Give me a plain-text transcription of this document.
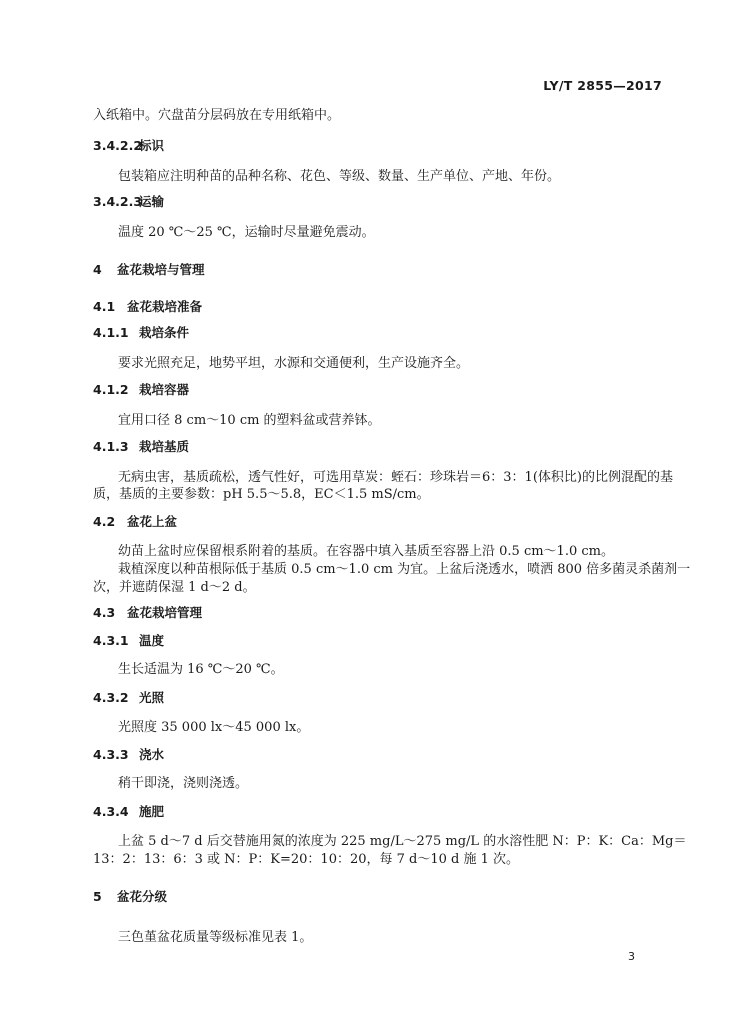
LY/T 2855—2017
入纸箱中。穴盘苗分层码放在专用纸箱中。
3.4.2.2标识
包装箱应注明种苗的品种名称、花色、等级、数量、生产单位、产地、年份。
3.4.2.3运输
温度 20 ℃～25 ℃，运输时尽量避免震动。
4 盆花栽培与管理
4.1 盆花栽培准备
4.1.1 栽培条件
要求光照充足，地势平坦，水源和交通便利，生产设施齐全。
4.1.2 栽培容器
宜用口径 8 cm～10 cm 的塑料盆或营养钵。
4.1.3 栽培基质
无病虫害，基质疏松，透气性好，可选用草炭：蛭石：珍珠岩＝6：3：1(体积比)的比例混配的基
质，基质的主要参数：pH 5.5～5.8，EC＜1.5 mS/cm。
4.2 盆花上盆
幼苗上盆时应保留根系附着的基质。在容器中填入基质至容器上沿 0.5 cm～1.0 cm。
栽植深度以种苗根际低于基质 0.5 cm～1.0 cm 为宜。上盆后浇透水，喷洒 800 倍多菌灵杀菌剂一
次，并遮荫保湿 1 d～2 d。
4.3 盆花栽培管理
4.3.1 温度
生长适温为 16 ℃～20 ℃。
4.3.2 光照
光照度 35 000 lx～45 000 lx。
4.3.3 浇水
稍干即浇，浇则浇透。
4.3.4 施肥
上盆 5 d～7 d 后交替施用氮的浓度为 225 mg/L～275 mg/L 的水溶性肥 N：P：K：Ca：Mg＝
13：2：13：6：3 或 N：P：K=20：10：20，每 7 d～10 d 施 1 次。
5 盆花分级
三色堇盆花质量等级标准见表 1。
3
